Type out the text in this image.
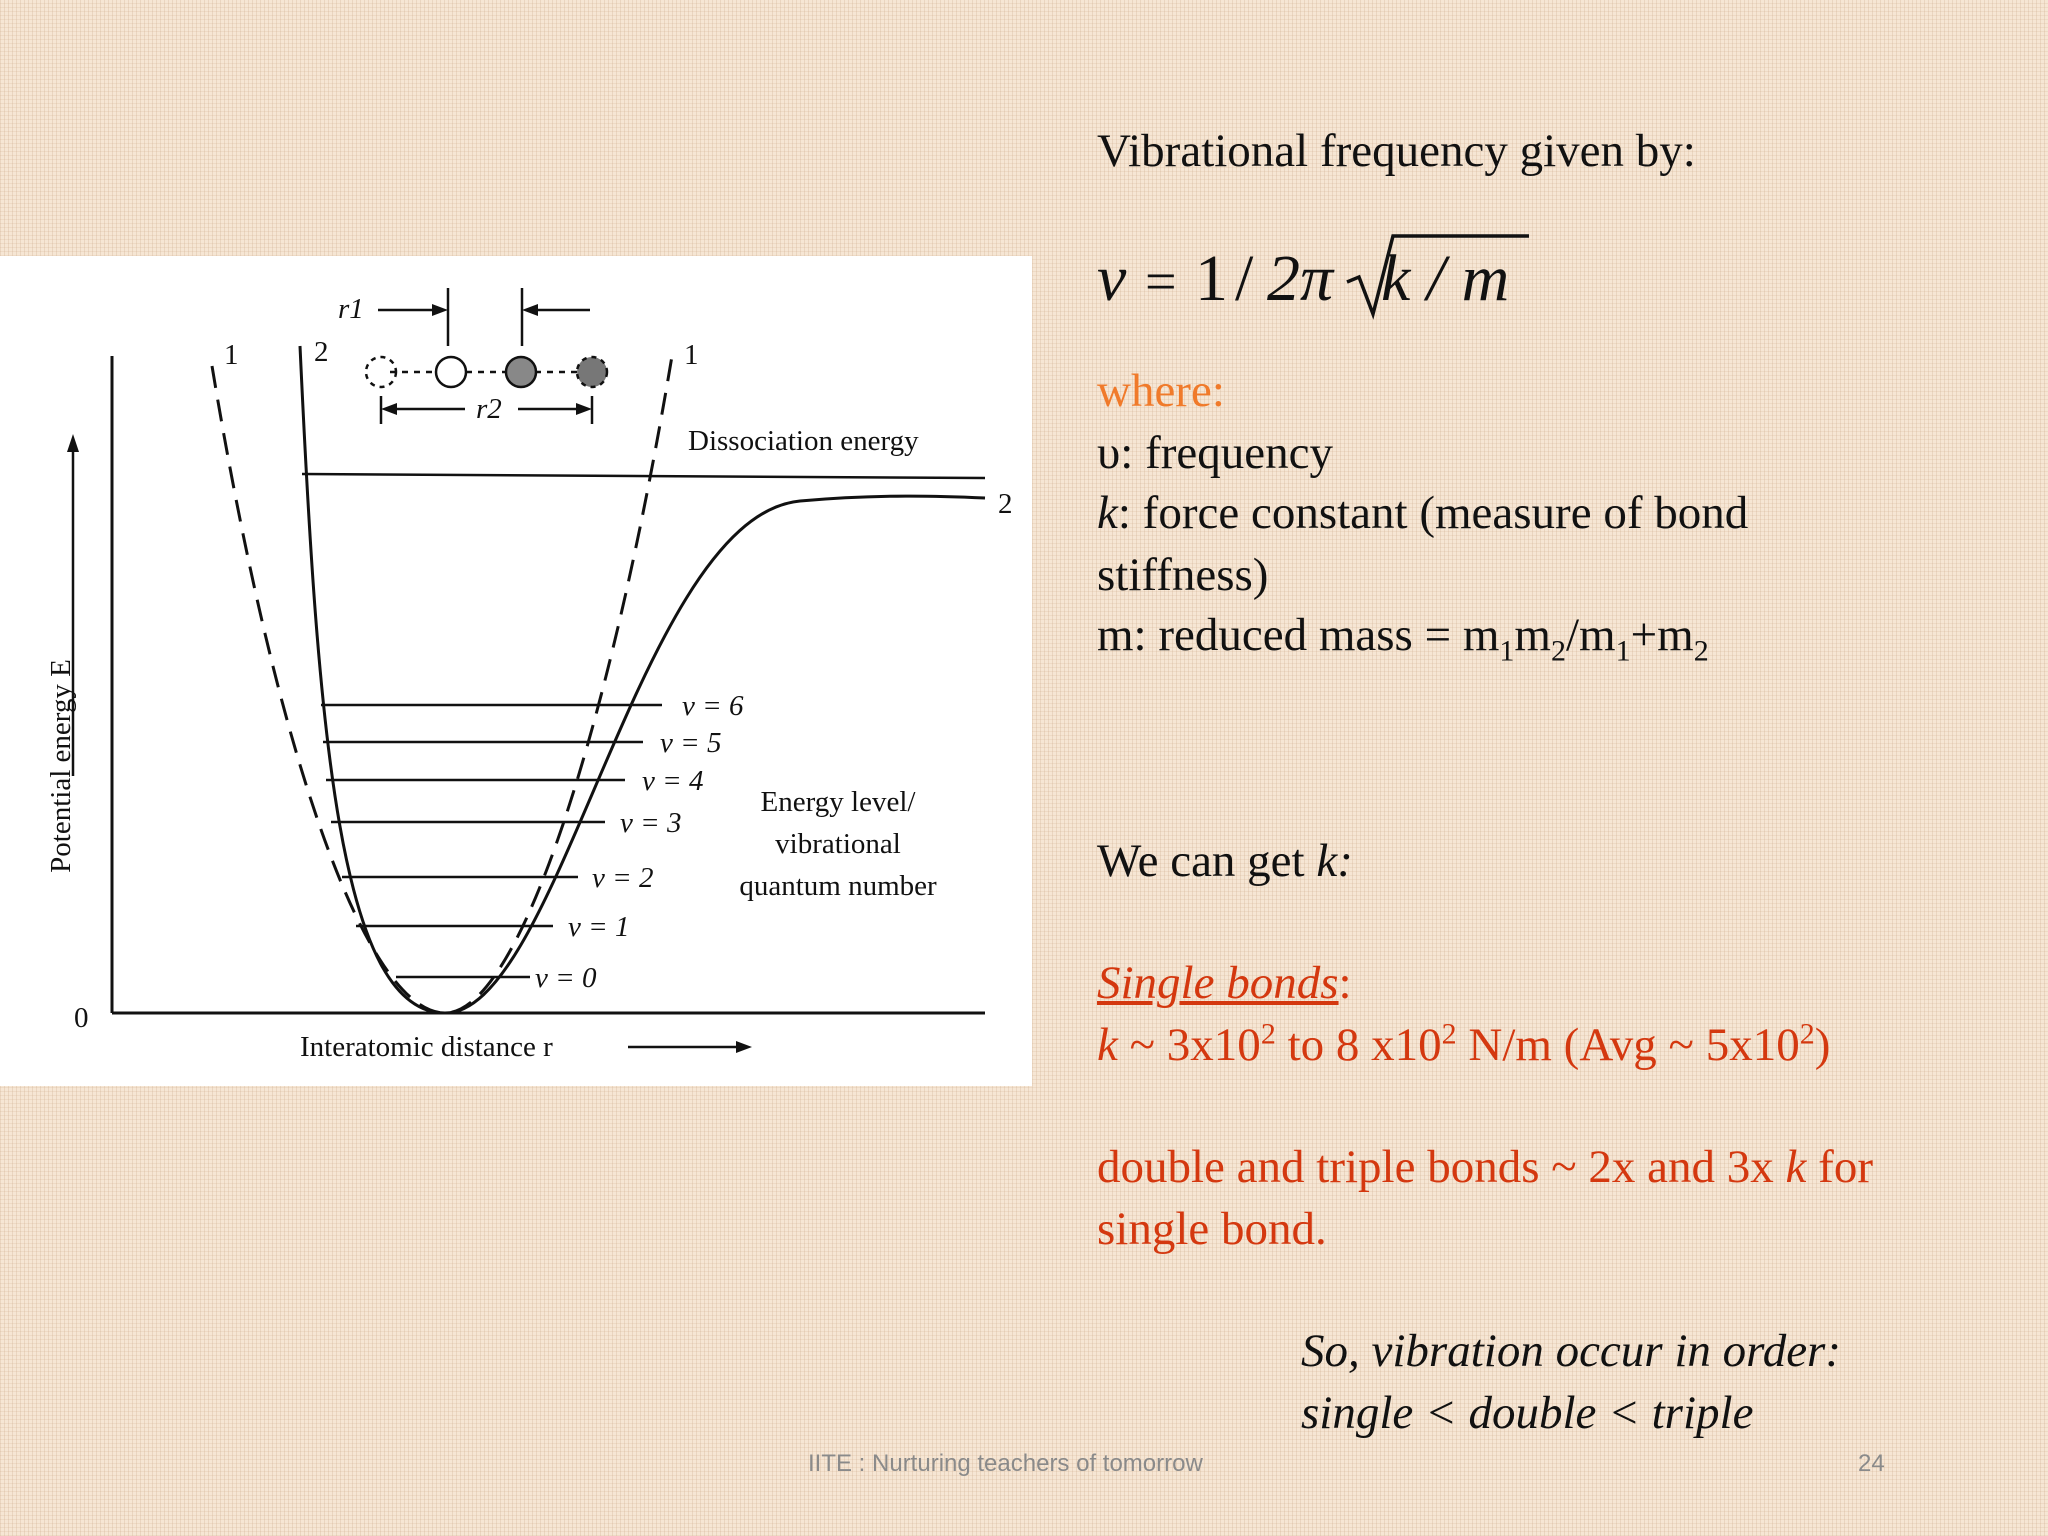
Potential energy E
Interatomic distance r
0
1	2	1
2
r1
r2
Dissociation energy
v = 0
v = 1
v = 2
v = 3
v = 4
v = 5
v = 6
Energy level/
vibrational
quantum number
Vibrational frequency given by:
ν = 1 / 2π k / m
where:
υ: frequency
k: force constant (measure of bond
stiffness)
m: reduced mass = $m_1m_2/m_1+m_2$
We can get k:
Single bonds:
k ~ $3x10^2$ to 8 $x10^2$ N/m (Avg ~ $5x10^2$)
double and triple bonds ~ 2x and 3x k for
single bond.
So, vibration occur in order:
single < double < triple
IITE : Nurturing teachers of tomorrow	24
